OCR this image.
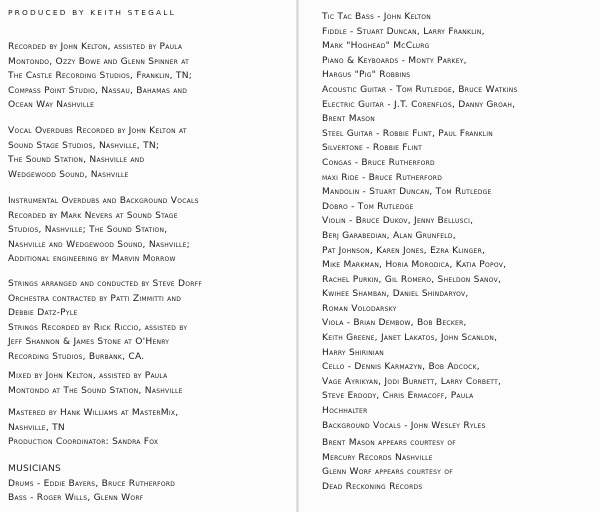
PRODUCED BY KEITH STEGALL
Recorded by John Kelton, assisted by Paula
Montondo, Ozzy Bowe and Glenn Spinner at
The Castle Recording Studios, Franklin, TN;
Compass Point Studio, Nassau, Bahamas and
Ocean Way Nashville
Vocal Overdubs Recorded by John Kelton at
Sound Stage Studios, Nashville, TN;
The Sound Station, Nashville and
Wedgewood Sound, Nashville
Instrumental Overdubs and Background Vocals
Recorded by Mark Nevers at Sound Stage
Studios, Nashville; The Sound Station,
Nashville and Wedgewood Sound, Nashville;
Additional engineering by Marvin Morrow
Strings arranged and conducted by Steve Dorff
Orchestra contracted by Patti Zimmitti and
Debbie Datz-Pyle
Strings Recorded by Rick Riccio, assisted by
Jeff Shannon & James Stone at O'Henry
Recording Studios, Burbank, CA.
Mixed by John Kelton, assisted by Paula
Montondo at The Sound Station, Nashville
Mastered by Hank Williams at MasterMix,
Nashville, TN
Production Coordinator: Sandra Fox
MUSICIANS
Drums - Eddie Bayers, Bruce Rutherford
Bass - Roger Wills, Glenn Worf
Tic Tac Bass - John Kelton
Fiddle - Stuart Duncan, Larry Franklin,
Mark "Hoghead" McClurg
Piano & Keyboards - Monty Parkey,
Hargus "Pig" Robbins
Acoustic Guitar - Tom Rutledge, Bruce Watkins
Electric Guitar - J.T. Corenflos, Danny Groah,
Brent Mason
Steel Guitar - Robbie Flint, Paul Franklin
Silvertone - Robbie Flint
Congas - Bruce Rutherford
maxi Ride - Bruce Rutherford
Mandolin - Stuart Duncan, Tom Rutledge
Dobro - Tom Rutledge
Violin - Bruce Dukov, Jenny Bellusci,
Berj Garabedian, Alan Grunfeld,
Pat Johnson, Karen Jones, Ezra Klinger,
Mike Markman, Horia Morodica, Katia Popov,
Rachel Purkin, Gil Romero, Sheldon Sanov,
Kwihee Shamban, Daniel Shindaryov,
Roman Volodarsky
Viola - Brian Dembow, Bob Becker,
Keith Greene, Janet Lakatos, John Scanlon,
Harry Shirinian
Cello - Dennis Karmazyn, Bob Adcock,
Vage Ayrikyan, Jodi Burnett, Larry Corbett,
Steve Erdody, Chris Ermacoff, Paula
Hochhalter
Background Vocals - John Wesley Ryles
Brent Mason appears courtesy of
Mercury Records Nashville
Glenn Worf appears courtesy of
Dead Reckoning Records
